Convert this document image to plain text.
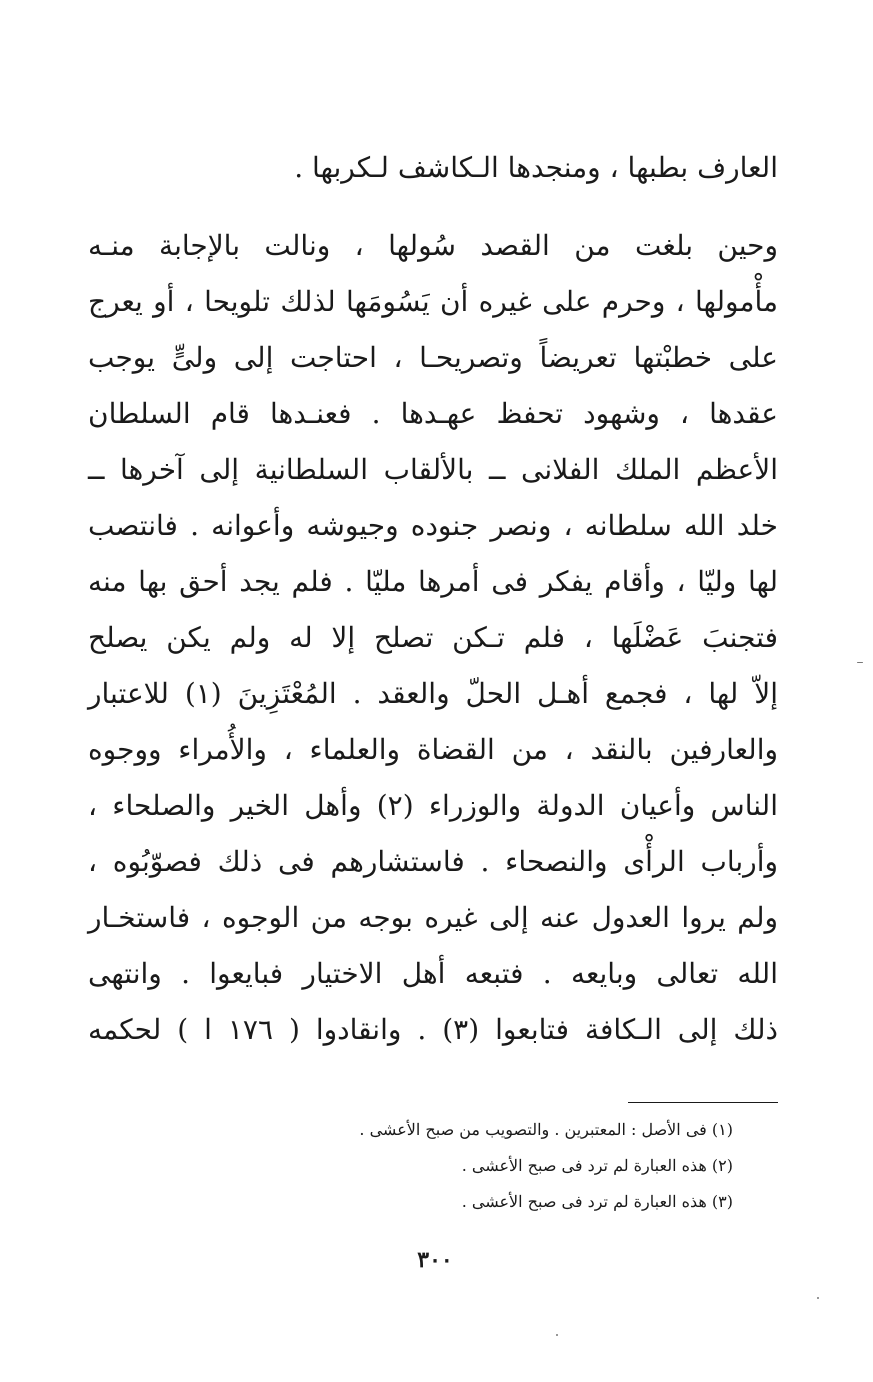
العارف بطبها ، ومنجدها الـكاشف لـكربها .
وحين بلغت من القصد سُولها ، ونالت بالإجابة منـه
مأْمولها ، وحرم على غيره أن يَسُومَها لذلك تلويحا ، أو يعرج
على خطبْتها تعريضاً وتصريحـا ، احتاجت إلى ولىٍّ يوجب
عقدها ، وشهود تحفظ عهـدها . فعنـدها قام السلطان
الأعظم الملك الفلانى ــ بالألقاب السلطانية إلى آخرها ــ
خلد الله سلطانه ، ونصر جنوده وجيوشه وأعوانه . فانتصب
لها وليّا ، وأقام يفكر فى أمرها مليّا . فلم يجد أحق بها منه
فتجنبَ عَضْلَها ، فلم تـكن تصلح إلا له ولم يكن يصلح
إلاّ لها ، فجمع أهـل الحلّ والعقد . المُعْتَزِينَ (١) للاعتبار
والعارفين بالنقد ، من القضاة والعلماء ، والأُمراء ووجوه
الناس وأعيان الدولة والوزراء (٢) وأهل الخير والصلحاء ،
وأرباب الرأْى والنصحاء . فاستشارهم فى ذلك فصوّبُوه ،
ولم يروا العدول عنه إلى غيره بوجه من الوجوه ، فاستخـار
الله تعالى وبايعه . فتبعه أهل الاختيار فبايعوا . وانتهى
ذلك إلى الـكافة فتابعوا (٣) . وانقادوا ( ١٧٦ ا ) لحكمه
(١) فى الأصل : المعتبرين . والتصويب من صبح الأعشى .
(٢) هذه العبارة لم ترد فى صبح الأعشى .
(٣) هذه العبارة لم ترد فى صبح الأعشى .
٣٠٠
